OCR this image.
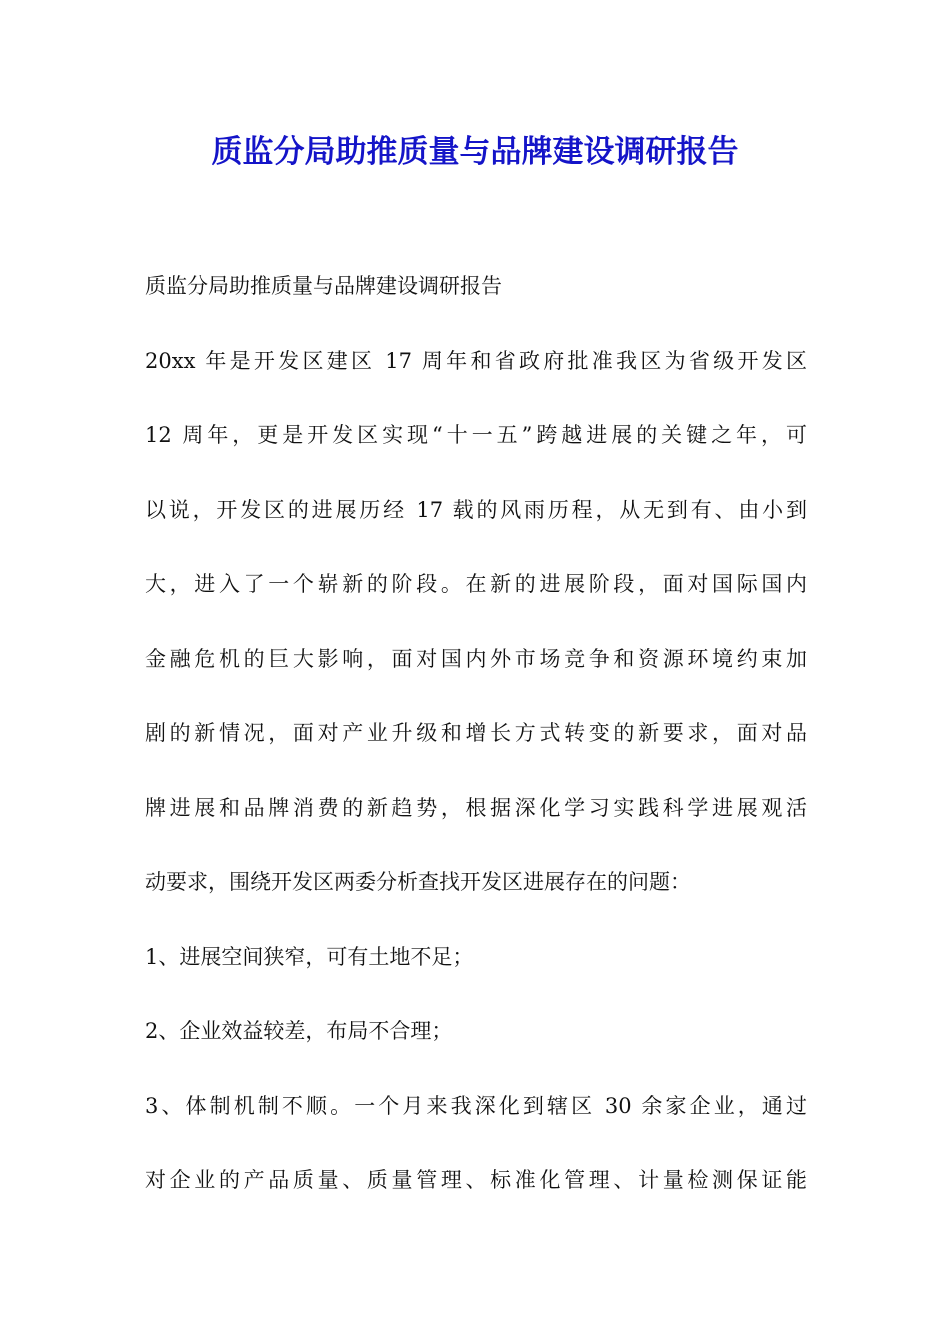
质监分局助推质量与品牌建设调研报告
质监分局助推质量与品牌建设调研报告
20xx 年是开发区建区 17 周年和省政府批准我区为省级开发区
12 周年，更是开发区实现“十一五”跨越进展的关键之年，可
以说，开发区的进展历经 17 载的风雨历程，从无到有、由小到
大，进入了一个崭新的阶段。在新的进展阶段，面对国际国内
金融危机的巨大影响，面对国内外市场竞争和资源环境约束加
剧的新情况，面对产业升级和增长方式转变的新要求，面对品
牌进展和品牌消费的新趋势，根据深化学习实践科学进展观活
动要求，围绕开发区两委分析查找开发区进展存在的问题：
1、进展空间狭窄，可有土地不足；
2、企业效益较差，布局不合理；
3、体制机制不顺。一个月来我深化到辖区 30 余家企业，通过
对企业的产品质量、质量管理、标准化管理、计量检测保证能
